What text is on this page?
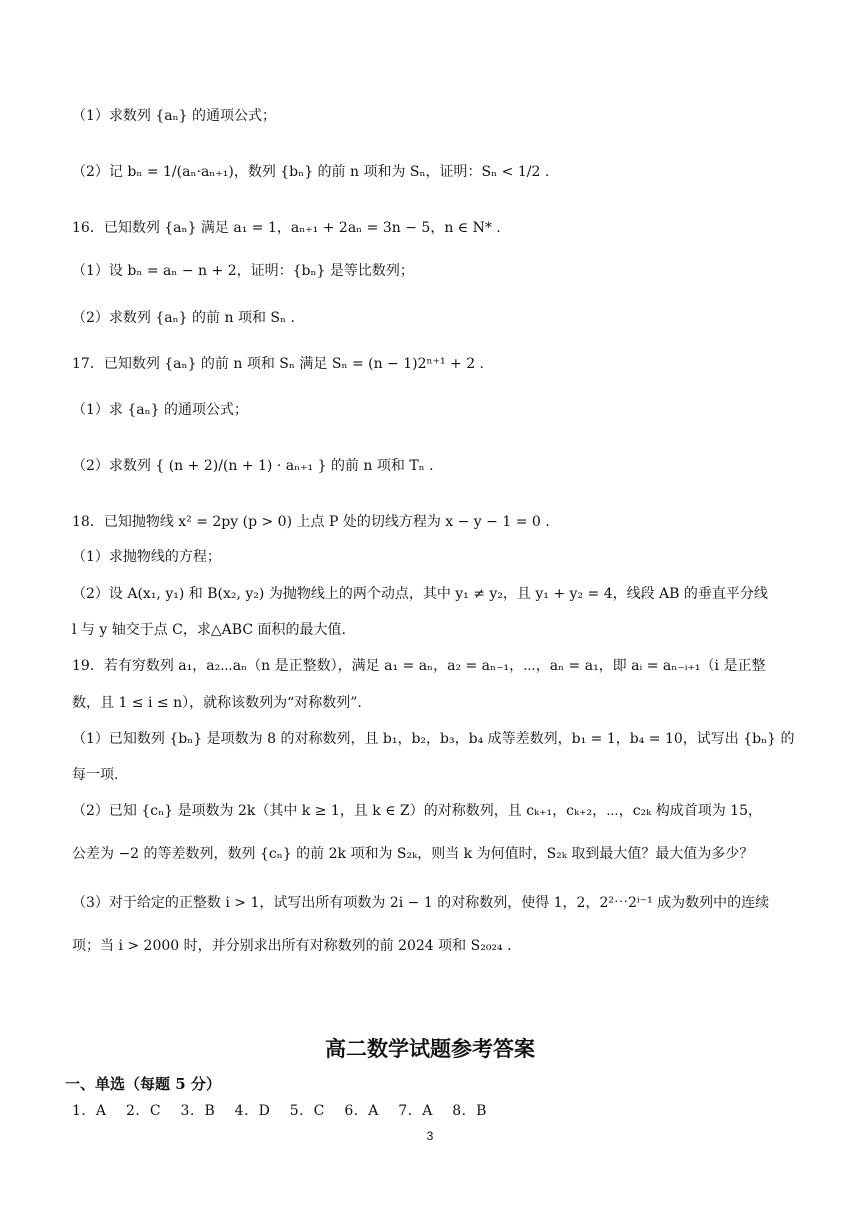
（1）求数列 {aₙ} 的通项公式；
（2）记 bₙ = 1/(aₙ·aₙ₊₁)，数列 {bₙ} 的前 n 项和为 Sₙ，证明：Sₙ < 1/2 .
16．已知数列 {aₙ} 满足 a₁ = 1，aₙ₊₁ + 2aₙ = 3n − 5，n ∈ N* .
（1）设 bₙ = aₙ − n + 2，证明：{bₙ} 是等比数列；
（2）求数列 {aₙ} 的前 n 项和 Sₙ .
17．已知数列 {aₙ} 的前 n 项和 Sₙ 满足 Sₙ = (n − 1)2ⁿ⁺¹ + 2 .
（1）求 {aₙ} 的通项公式；
（2）求数列 { (n + 2)/(n + 1) · aₙ₊₁ } 的前 n 项和 Tₙ .
18．已知抛物线 x² = 2py (p > 0) 上点 P 处的切线方程为 x − y − 1 = 0 .
（1）求抛物线的方程；
（2）设 A(x₁, y₁) 和 B(x₂, y₂) 为抛物线上的两个动点，其中 y₁ ≠ y₂，且 y₁ + y₂ = 4，线段 AB 的垂直平分线
l 与 y 轴交于点 C，求△ABC 面积的最大值.
19．若有穷数列 a₁，a₂⋯aₙ（n 是正整数），满足 a₁ = aₙ，a₂ = aₙ₋₁，⋯，aₙ = a₁，即 aᵢ = aₙ₋ᵢ₊₁（i 是正整
数，且 1 ≤ i ≤ n），就称该数列为“对称数列”.
（1）已知数列 {bₙ} 是项数为 8 的对称数列，且 b₁，b₂，b₃，b₄ 成等差数列，b₁ = 1，b₄ = 10，试写出 {bₙ} 的
每一项.
（2）已知 {cₙ} 是项数为 2k（其中 k ≥ 1，且 k ∈ Z）的对称数列，且 cₖ₊₁，cₖ₊₂，⋯，c₂ₖ 构成首项为 15，
公差为 −2 的等差数列，数列 {cₙ} 的前 2k 项和为 S₂ₖ，则当 k 为何值时，S₂ₖ 取到最大值？最大值为多少？
（3）对于给定的正整数 i > 1，试写出所有项数为 2i − 1 的对称数列，使得 1，2，2²⋯2ⁱ⁻¹ 成为数列中的连续
项；当 i > 2000 时，并分别求出所有对称数列的前 2024 项和 S₂₀₂₄ .
高二数学试题参考答案
一、单选（每题 5 分）
1．A　 2．C　 3．B　 4．D　 5．C　 6．A　 7．A　 8．B
3
